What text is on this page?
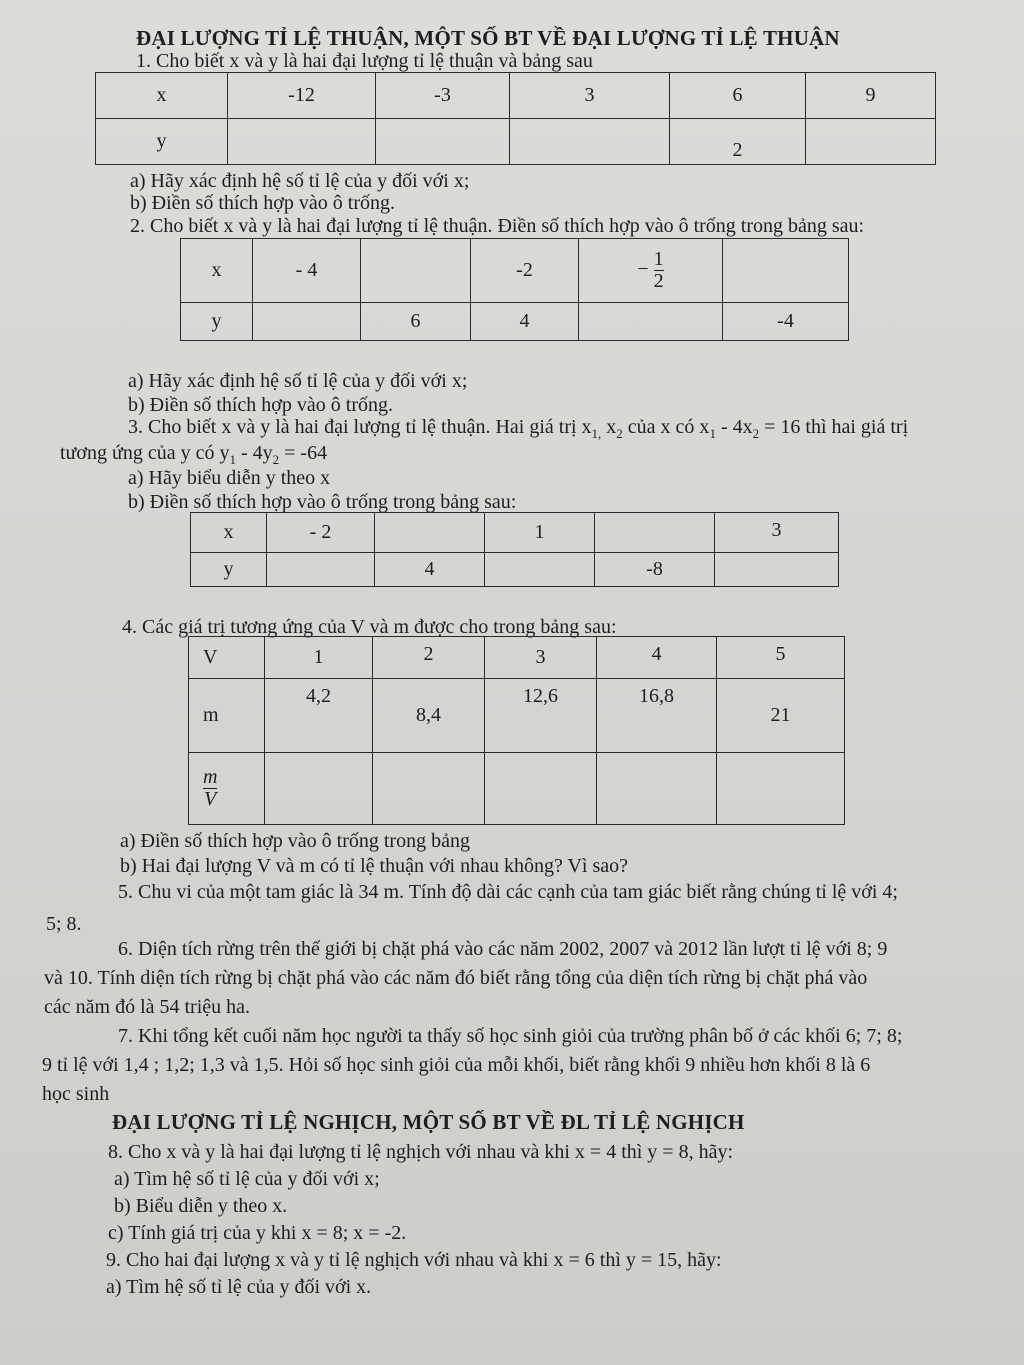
ĐẠI LƯỢNG TỈ LỆ THUẬN, MỘT SỐ BT VỀ ĐẠI LƯỢNG TỈ LỆ THUẬN
1. Cho biết x và y là hai đại lượng tỉ lệ thuận và bảng sau
x	-12	-3	3	6	9
y				2	
a) Hãy xác định hệ số tỉ lệ của y đối với x;
b) Điền số thích hợp vào ô trống.
2. Cho biết x và y là hai đại lượng tỉ lệ thuận. Điền số thích hợp vào ô trống trong bảng sau:
x	- 4		-2	− $\frac{1}{2}$

y		6	4		-4
a) Hãy xác định hệ số tỉ lệ của y đối với x;
b) Điền số thích hợp vào ô trống.
3. Cho biết x và y là hai đại lượng tỉ lệ thuận. Hai giá trị $x_{1,}$ $x_2$ của x có $x_1 - 4x_2 = 16$ thì hai giá trị
tương ứng của y có $y_1 - 4y_2 = -64$
a) Hãy biểu diễn y theo x
b) Điền số thích hợp vào ô trống trong bảng sau:
x	- 2		1		3
y		4		-8	
4. Các giá trị tương ứng của V và m được cho trong bảng sau:
V	1	2	3	4	5
m	4,2	8,4	12,6	16,8	21

$\frac{m}{V}$

a) Điền số thích hợp vào ô trống trong bảng
b) Hai đại lượng V và m có tỉ lệ thuận với nhau không? Vì sao?
5. Chu vi của một tam giác là 34 m. Tính độ dài các cạnh của tam giác biết rằng chúng tỉ lệ với 4;
5; 8.
6. Diện tích rừng trên thế giới bị chặt phá vào các năm 2002, 2007 và 2012 lần lượt tỉ lệ với 8; 9
và 10. Tính diện tích rừng bị chặt phá vào các năm đó biết rằng tổng của diện tích rừng bị chặt phá vào
các năm đó là 54 triệu ha.
7. Khi tổng kết cuối năm học người ta thấy số học sinh giỏi của trường phân bố ở các khối 6; 7; 8;
9 tỉ lệ với 1,4 ; 1,2; 1,3 và 1,5. Hỏi số học sinh giỏi của mỗi khối, biết rằng khối 9 nhiều hơn khối 8 là 6
học sinh
ĐẠI LƯỢNG TỈ LỆ NGHỊCH, MỘT SỐ BT VỀ ĐL TỈ LỆ NGHỊCH
8. Cho x và y là hai đại lượng tỉ lệ nghịch với nhau và khi x = 4 thì y = 8, hãy:
a) Tìm hệ số tỉ lệ của y đối với x;
b) Biểu diễn y theo x.
c) Tính giá trị của y khi x = 8; x = -2.
9. Cho hai đại lượng x và y tỉ lệ nghịch với nhau và khi x = 6 thì y = 15, hãy:
a) Tìm hệ số tỉ lệ của y đối với x.
